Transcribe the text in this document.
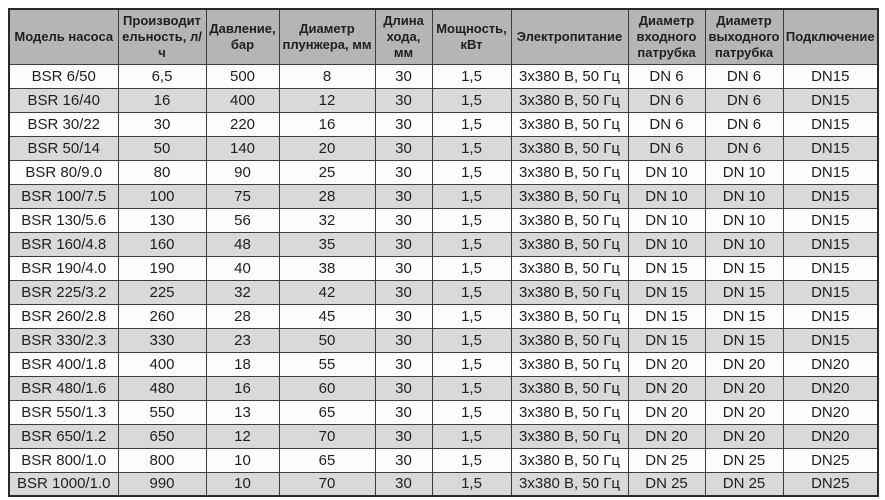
Модель насоса	Производительность, л/ч	Давление, бар	Диаметр плунжера, мм	Длина хода, мм	Мощность, кВт	Электропитание	Диаметр входного патрубка	Диаметр выходного патрубка	Подключение
BSR 6/50	6,5	500	8	30	1,5	3х380 В, 50 Гц	DN 6	DN 6	DN15
BSR 16/40	16	400	12	30	1,5	3х380 В, 50 Гц	DN 6	DN 6	DN15
BSR 30/22	30	220	16	30	1,5	3х380 В, 50 Гц	DN 6	DN 6	DN15
BSR 50/14	50	140	20	30	1,5	3х380 В, 50 Гц	DN 6	DN 6	DN15
BSR 80/9.0	80	90	25	30	1,5	3х380 В, 50 Гц	DN 10	DN 10	DN15
BSR 100/7.5	100	75	28	30	1,5	3х380 В, 50 Гц	DN 10	DN 10	DN15
BSR 130/5.6	130	56	32	30	1,5	3х380 В, 50 Гц	DN 10	DN 10	DN15
BSR 160/4.8	160	48	35	30	1,5	3х380 В, 50 Гц	DN 10	DN 10	DN15
BSR 190/4.0	190	40	38	30	1,5	3х380 В, 50 Гц	DN 15	DN 15	DN15
BSR 225/3.2	225	32	42	30	1,5	3х380 В, 50 Гц	DN 15	DN 15	DN15
BSR 260/2.8	260	28	45	30	1,5	3х380 В, 50 Гц	DN 15	DN 15	DN15
BSR 330/2.3	330	23	50	30	1,5	3х380 В, 50 Гц	DN 15	DN 15	DN15
BSR 400/1.8	400	18	55	30	1,5	3х380 В, 50 Гц	DN 20	DN 20	DN20
BSR 480/1.6	480	16	60	30	1,5	3х380 В, 50 Гц	DN 20	DN 20	DN20
BSR 550/1.3	550	13	65	30	1,5	3х380 В, 50 Гц	DN 20	DN 20	DN20
BSR 650/1.2	650	12	70	30	1,5	3х380 В, 50 Гц	DN 20	DN 20	DN20
BSR 800/1.0	800	10	65	30	1,5	3х380 В, 50 Гц	DN 25	DN 25	DN25
BSR 1000/1.0	990	10	70	30	1,5	3х380 В, 50 Гц	DN 25	DN 25	DN25
